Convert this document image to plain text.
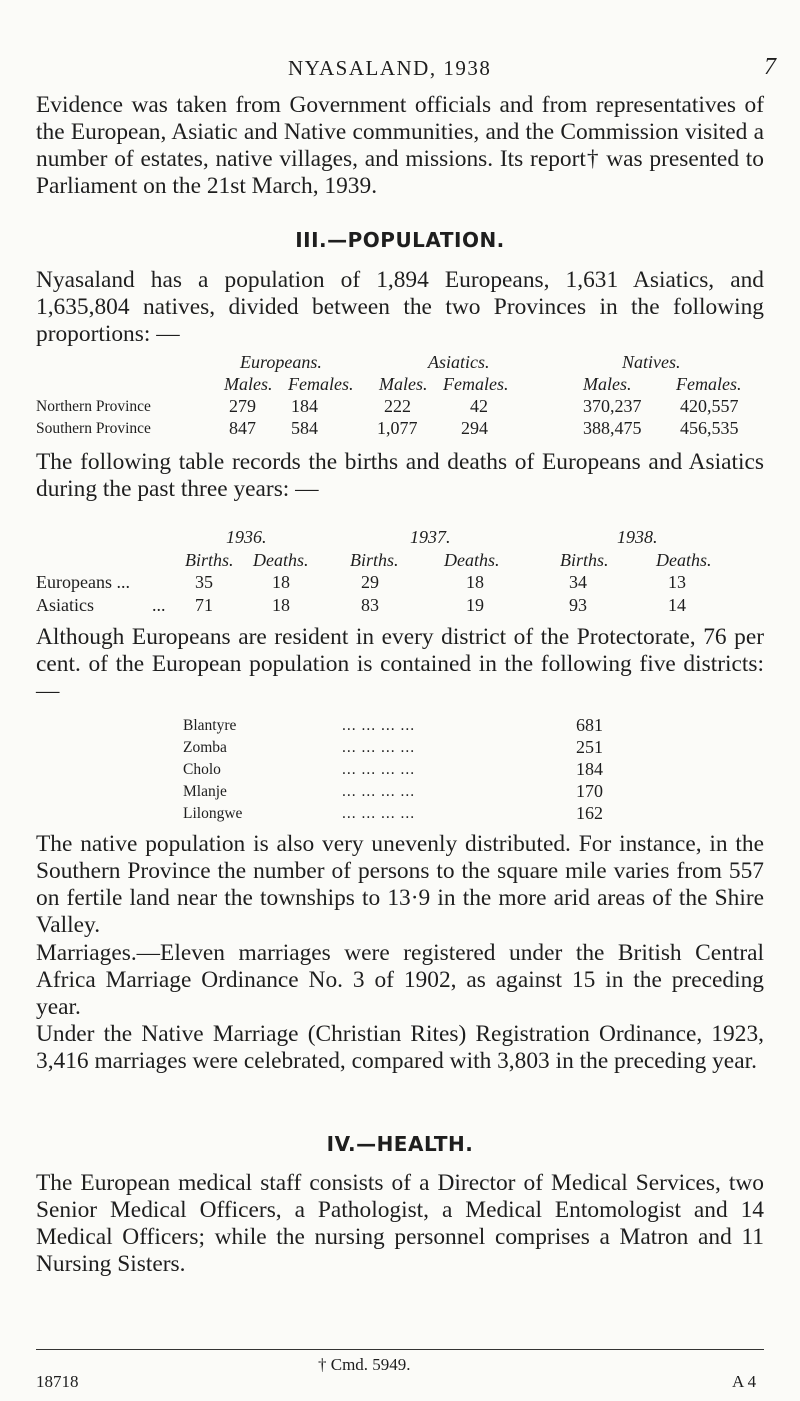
NYASALAND, 1938	7

Evidence was taken from Government officials and from representatives of the European, Asiatic and Native communities, and the Commission visited a number of estates, native villages, and missions. Its report† was presented to Parliament on the 21st March, 1939.

III.—POPULATION.

Nyasaland has a population of 1,894 Europeans, 1,631 Asiatics, and 1,635,804 natives, divided between the two Provinces in the following proportions: —

Europeans.	Asiatics.	Natives.
Males. Females. Males. Females.	Males. Females.
Northern Province	279 184	222	42	370,237 420,557
Southern Province	847 584	1,077 294	388,475 456,535

The following table records the births and deaths of Europeans and Asiatics during the past three years: —

1936.	1937.	1938.
Births. Deaths. Births.	Deaths.	Births.	Deaths.
Europeans ...	35	18	29	18	34	13
Asiatics	... 71	18	83	19	93	14

Although Europeans are resident in every district of the Protectorate, 76 per cent. of the European population is contained in the following five districts: —

Blantyre	... ... ... ...	681
Zomba	... ... ... ...	251
Cholo	... ... ... ...	184
Mlanje	... ... ... ...	170
Lilongwe	... ... ... ...	162

The native population is also very unevenly distributed. For instance, in the Southern Province the number of persons to the square mile varies from 557 on fertile land near the townships to 13·9 in the more arid areas of the Shire Valley.

Marriages.—Eleven marriages were registered under the British Central Africa Marriage Ordinance No. 3 of 1902, as against 15 in the preceding year.

Under the Native Marriage (Christian Rites) Registration Ordinance, 1923, 3,416 marriages were celebrated, compared with 3,803 in the preceding year.

IV.—HEALTH.

The European medical staff consists of a Director of Medical Services, two Senior Medical Officers, a Pathologist, a Medical Entomologist and 14 Medical Officers; while the nursing personnel comprises a Matron and 11 Nursing Sisters.

† Cmd. 5949.
18718	A 4
